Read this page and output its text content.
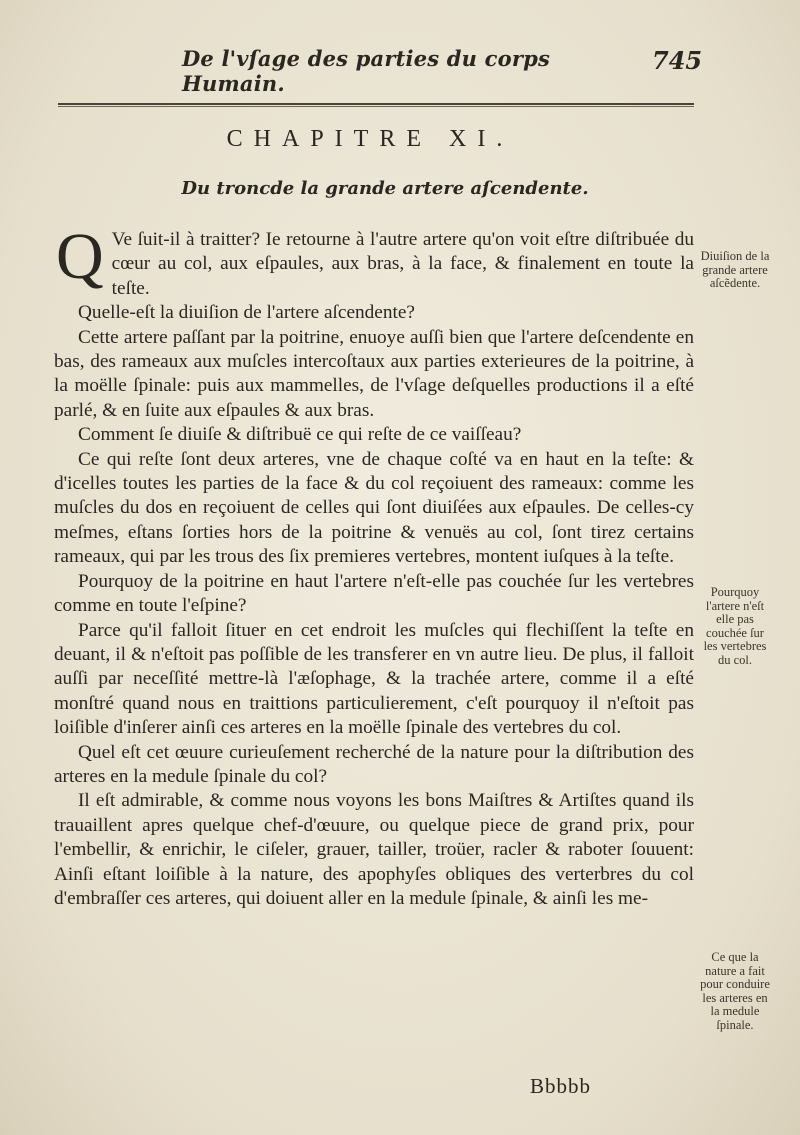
De l'vſage des parties du corps Humain.
745
CHAPITRE XI.
Du troncde la grande artere aſcendente.
Q Ve ſuit-il à traitter? Ie retourne à l'autre artere qu'on voit eſtre diſtribuée du cœur au col, aux eſpaules, aux bras, à la face, & finalement en toute la teſte.

Quelle-eſt la diuiſion de l'artere aſcendente?

Cette artere paſſant par la poitrine, enuoye auſſi bien que l'artere deſcendente en bas, des rameaux aux muſcles intercoſtaux aux parties exterieures de la poitrine, à la moëlle ſpinale: puis aux mammelles, de l'vſage deſquelles productions il a eſté parlé, & en ſuite aux eſpaules & aux bras.

Comment ſe diuiſe & diſtribuë ce qui reſte de ce vaiſſeau?

Ce qui reſte ſont deux arteres, vne de chaque coſté va en haut en la teſte: & d'icelles toutes les parties de la face & du col reçoiuent des rameaux: comme les muſcles du dos en reçoiuent de celles qui ſont diuiſées aux eſpaules. De celles-cy meſmes, eſtans ſorties hors de la poitrine & venuës au col, ſont tirez certains rameaux, qui par les trous des ſix premieres vertebres, montent iuſques à la teſte.

Pourquoy de la poitrine en haut l'artere n'eſt-elle pas couchée ſur les vertebres comme en toute l'eſpine?

Parce qu'il falloit ſituer en cet endroit les muſcles qui flechiſſent la teſte en deuant, il & n'eſtoit pas poſſible de les transferer en vn autre lieu. De plus, il falloit auſſi par neceſſité mettre-là l'æſophage, & la trachée artere, comme il a eſté monſtré quand nous en traittions particulierement, c'eſt pourquoy il n'eſtoit pas loiſible d'inſerer ainſi ces arteres en la moëlle ſpinale des vertebres du col.

Quel eſt cet œuure curieuſement recherché de la nature pour la diſtribution des arteres en la medule ſpinale du col?

Il eſt admirable, & comme nous voyons les bons Maiſtres & Artiſtes quand ils trauaillent apres quelque chef-d'œuure, ou quelque piece de grand prix, pour l'embellir, & enrichir, le ciſeler, grauer, tailler, troüer, racler & raboter ſouuent: Ainſi eſtant loiſible à la nature, des apophyſes obliques des verterbres du col d'embraſſer ces arteres, qui doiuent aller en la medule ſpinale, & ainſi les me-

Diuiſion de la grande artere aſcẽdente.
Pourquoy l'artere n'eſt elle pas couchée ſur les vertebres du col.
Ce que la nature a fait pour conduire les arteres en la medule ſpinale.
Bbbbb
